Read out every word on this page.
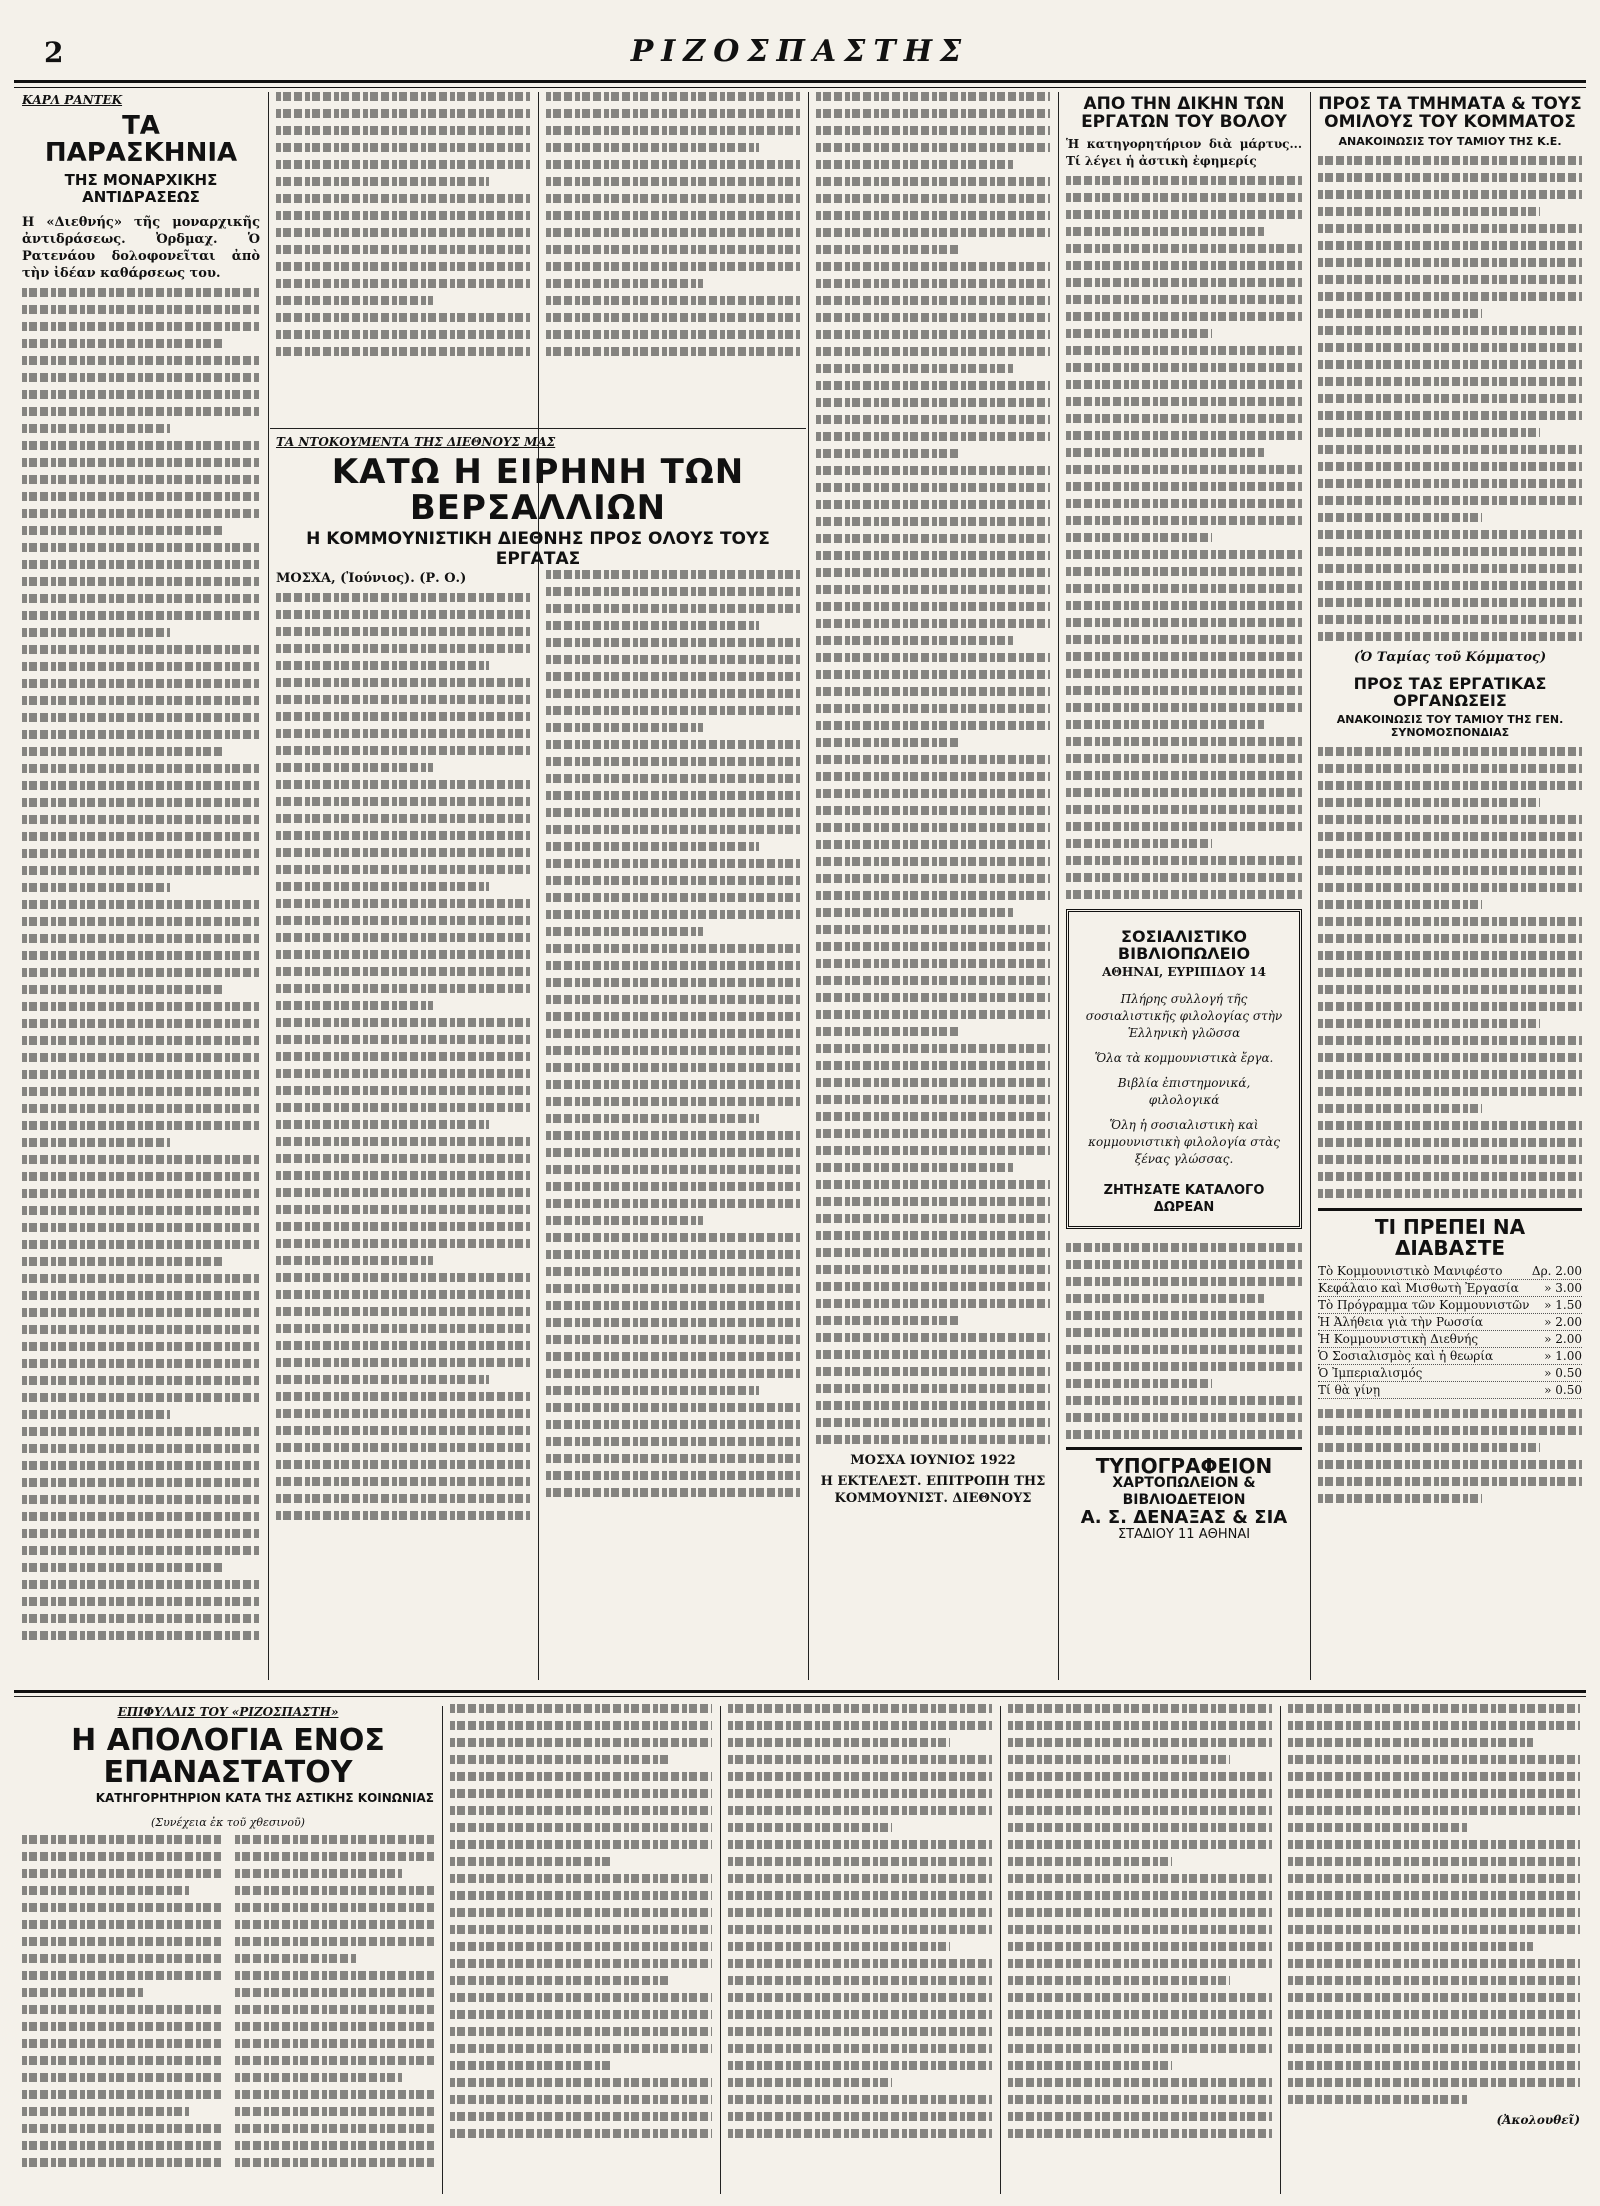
2	ΡΙΖΟΣΠΑΣΤΗΣ
ΚΑΡΛ ΡΑΝΤΕΚ
ΤΑ ΠΑΡΑΣΚΗΝΙΑ
ΤΗΣ ΜΟΝΑΡΧΙΚΗΣ ΑΝΤΙΔΡΑΣΕΩΣ
Η «Διεθνής» τῆς μοναρχικῆς ἀντιδράσεως. Ὀρδμαχ. Ὁ Ρατενάου δολοφονεῖται ἀπὸ τὴν ἰδέαν καθάρσεως του.
ΤΑ ΝΤΟΚΟΥΜΕΝΤΑ ΤΗΣ ΔΙΕΘΝΟΥΣ ΜΑΣ
ΚΑΤΩ Η ΕΙΡΗΝΗ ΤΩΝ ΒΕΡΣΑΛΛΙΩΝ
Η ΚΟΜΜΟΥΝΙΣΤΙΚΗ ΔΙΕΘΝΗΣ ΠΡΟΣ ΟΛΟΥΣ ΤΟΥΣ ΕΡΓΑΤΑΣ
ΜΟΣΧΑ, (Ἰούνιος). (Ρ. Ο.)
ΜΟΣΧΑ ΙΟΥΝΙΟΣ 1922
Η ΕΚΤΕΛΕΣΤ. ΕΠΙΤΡΟΠΗ ΤΗΣ ΚΟΜΜΟΥΝΙΣΤ. ΔΙΕΘΝΟΥΣ
ΑΠΟ ΤΗΝ ΔΙΚΗΝ ΤΩΝ ΕΡΓΑΤΩΝ ΤΟΥ ΒΟΛΟΥ
Ἡ κατηγορητήριον διὰ μάρτυς... Τί λέγει ἡ ἀστικὴ ἐφημερίς
ΣΟΣΙΑΛΙΣΤΙΚΟ ΒΙΒΛΙΟΠΩΛΕΙΟ
ΑΘΗΝΑΙ, ΕΥΡΙΠΙΔΟΥ 14
Πλήρης συλλογή τῆς σοσιαλιστικῆς φιλολογίας στὴν Ἑλληνικὴ γλῶσσα
Ὅλα τὰ κομμουνιστικὰ ἔργα.
Βιβλία ἐπιστημονικά, φιλολογικά
Ὅλη ἡ σοσιαλιστικὴ καὶ κομμουνιστικὴ φιλολογία στὰς ξένας γλώσσας.
ΖΗΤΗΣΑΤΕ ΚΑΤΑΛΟΓΟ ΔΩΡΕΑΝ
ΤΥΠΟΓΡΑΦΕΙΟΝ
ΧΑΡΤΟΠΩΛΕΙΟΝ & ΒΙΒΛΙΟΔΕΤΕΙΟΝ
Α. Σ. ΔΕΝΑΞΑΣ & ΣΙΑ
ΣΤΑΔΙΟΥ 11 ΑΘΗΝΑΙ
ΠΡΟΣ ΤΑ ΤΜΗΜΑΤΑ & ΤΟΥΣ ΟΜΙΛΟΥΣ ΤΟΥ ΚΟΜΜΑΤΟΣ
ΑΝΑΚΟΙΝΩΣΙΣ ΤΟΥ ΤΑΜΙΟΥ ΤΗΣ Κ.Ε.
(Ὁ Ταμίας τοῦ Κόμματος)
ΠΡΟΣ ΤΑΣ ΕΡΓΑΤΙΚΑΣ ΟΡΓΑΝΩΣΕΙΣ
ΑΝΑΚΟΙΝΩΣΙΣ ΤΟΥ ΤΑΜΙΟΥ ΤΗΣ ΓΕΝ. ΣΥΝΟΜΟΣΠΟΝΔΙΑΣ
ΤΙ ΠΡΕΠΕΙ ΝΑ ΔΙΑΒΑΣΤΕ
Τὸ Κομμουνιστικὸ Μανιφέστο	Δρ. 2.00
Κεφάλαιο καὶ Μισθωτὴ Ἐργασία	» 3.00
Τὸ Πρόγραμμα τῶν Κομμουνιστῶν	» 1.50
Ἡ Ἀλήθεια γιὰ τὴν Ρωσσία	» 2.00
Ἡ Κομμουνιστικὴ Διεθνής	» 2.00
Ὁ Σοσιαλισμὸς καὶ ἡ θεωρία	» 1.00
Ὁ Ἰμπεριαλισμός	» 0.50
Τί θὰ γίνῃ	» 0.50
ΕΠΙΦΥΛΛΙΣ ΤΟΥ «ΡΙΖΟΣΠΑΣΤΗ»
Η ΑΠΟΛΟΓΙΑ ΕΝΟΣ ΕΠΑΝΑΣΤΑΤΟΥ
ΚΑΤΗΓΟΡΗΤΗΡΙΟΝ ΚΑΤΑ ΤΗΣ ΑΣΤΙΚΗΣ ΚΟΙΝΩΝΙΑΣ
(Συνέχεια ἐκ τοῦ χθεσινοῦ)
(Ἀκολουθεῖ)
